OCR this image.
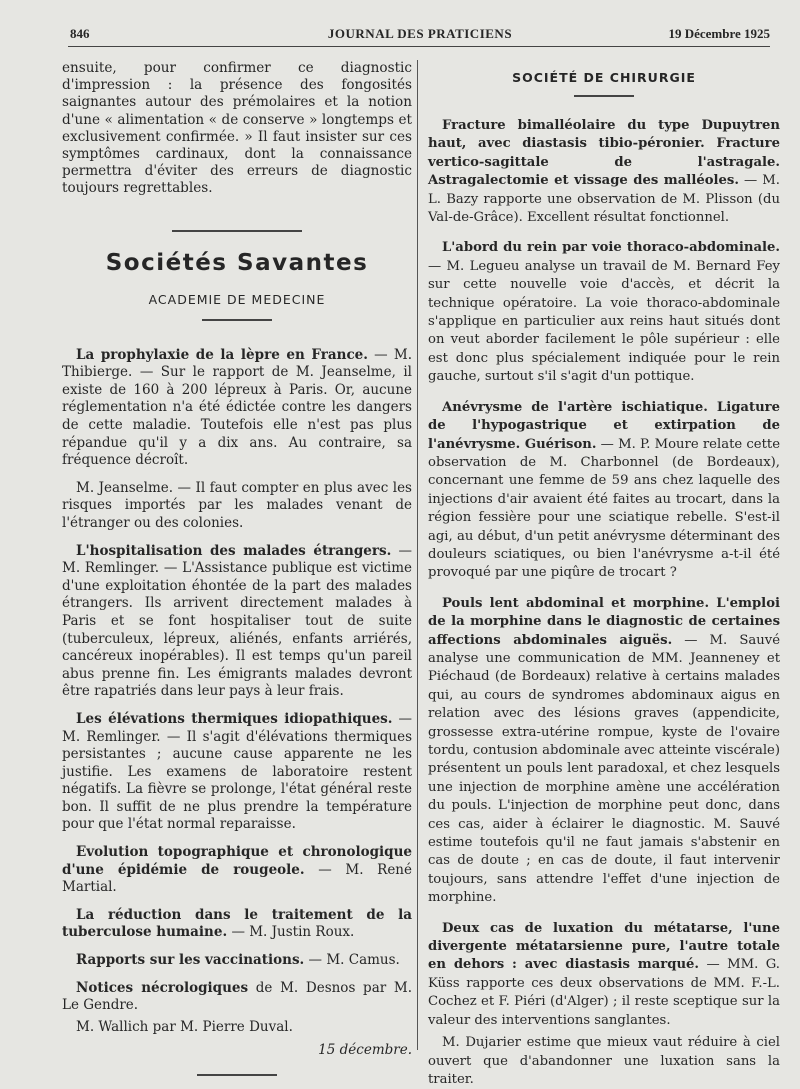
846	JOURNAL DES PRATICIENS	19 Décembre 1925

ensuite, pour confirmer ce diagnostic d'impression : la présence des fongosités saignantes autour des prémolaires et la notion d'une « alimentation « de conserve » longtemps et exclusivement confirmée. » Il faut insister sur ces symptômes cardinaux, dont la connaissance permettra d'éviter des erreurs de diagnostic toujours regrettables.

Sociétés Savantes
ACADEMIE DE MEDECINE

La prophylaxie de la lèpre en France. — M. Thibierge. — Sur le rapport de M. Jeanselme, il existe de 160 à 200 lépreux à Paris. Or, aucune réglementation n'a été édictée contre les dangers de cette maladie. Toutefois elle n'est pas plus répandue qu'il y a dix ans. Au contraire, sa fréquence décroît.

M. Jeanselme. — Il faut compter en plus avec les risques importés par les malades venant de l'étranger ou des colonies.

L'hospitalisation des malades étrangers. — M. Remlinger. — L'Assistance publique est victime d'une exploitation éhontée de la part des malades étrangers. Ils arrivent directement malades à Paris et se font hospitaliser tout de suite (tuberculeux, lépreux, aliénés, enfants arriérés, cancéreux inopérables). Il est temps qu'un pareil abus prenne fin. Les émigrants malades devront être rapatriés dans leur pays à leur frais.

Les élévations thermiques idiopathiques. — M. Remlinger. — Il s'agit d'élévations thermiques persistantes ; aucune cause apparente ne les justifie. Les examens de laboratoire restent négatifs. La fièvre se prolonge, l'état général reste bon. Il suffit de ne plus prendre la température pour que l'état normal reparaisse.

Evolution topographique et chronologique d'une épidémie de rougeole. — M. René Martial.

La réduction dans le traitement de la tuberculose humaine. — M. Justin Roux.

Rapports sur les vaccinations. — M. Camus.

Notices nécrologiques de M. Desnos par M. Le Gendre.

M. Wallich par M. Pierre Duval.

15 décembre.

SOCIÉTÉ DE CHIRURGIE

Fracture bimalléolaire du type Dupuytren haut, avec diastasis tibio-péronier. Fracture vertico-sagittale de l'astragale. Astragalectomie et vissage des malléoles. — M. L. Bazy rapporte une observation de M. Plisson (du Val-de-Grâce). Excellent résultat fonctionnel.

L'abord du rein par voie thoraco-abdominale. — M. Legueu analyse un travail de M. Bernard Fey sur cette nouvelle voie d'accès, et décrit la technique opératoire. La voie thoraco-abdominale s'applique en particulier aux reins haut situés dont on veut aborder facilement le pôle supérieur : elle est donc plus spécialement indiquée pour le rein gauche, surtout s'il s'agit d'un pottique.

Anévrysme de l'artère ischiatique. Ligature de l'hypogastrique et extirpation de l'anévrysme. Guérison. — M. P. Moure relate cette observation de M. Charbonnel (de Bordeaux), concernant une femme de 59 ans chez laquelle des injections d'air avaient été faites au trocart, dans la région fessière pour une sciatique rebelle. S'est-il agi, au début, d'un petit anévrysme déterminant des douleurs sciatiques, ou bien l'anévrysme a-t-il été provoqué par une piqûre de trocart ?

Pouls lent abdominal et morphine. L'emploi de la morphine dans le diagnostic de certaines affections abdominales aiguës. — M. Sauvé analyse une communication de MM. Jeanneney et Piéchaud (de Bordeaux) relative à certains malades qui, au cours de syndromes abdominaux aigus en relation avec des lésions graves (appendicite, grossesse extra-utérine rompue, kyste de l'ovaire tordu, contusion abdominale avec atteinte viscérale) présentent un pouls lent paradoxal, et chez lesquels une injection de morphine amène une accélération du pouls. L'injection de morphine peut donc, dans ces cas, aider à éclairer le diagnostic. M. Sauvé estime toutefois qu'il ne faut jamais s'abstenir en cas de doute ; en cas de doute, il faut intervenir toujours, sans attendre l'effet d'une injection de morphine.

Deux cas de luxation du métatarse, l'une divergente métatarsienne pure, l'autre totale en dehors : avec diastasis marqué. — MM. G. Küss rapporte ces deux observations de MM. F.-L. Cochez et F. Piéri (d'Alger) ; il reste sceptique sur la valeur des interventions sanglantes.

M. Dujarier estime que mieux vaut réduire à ciel ouvert que d'abandonner une luxation sans la traiter.
